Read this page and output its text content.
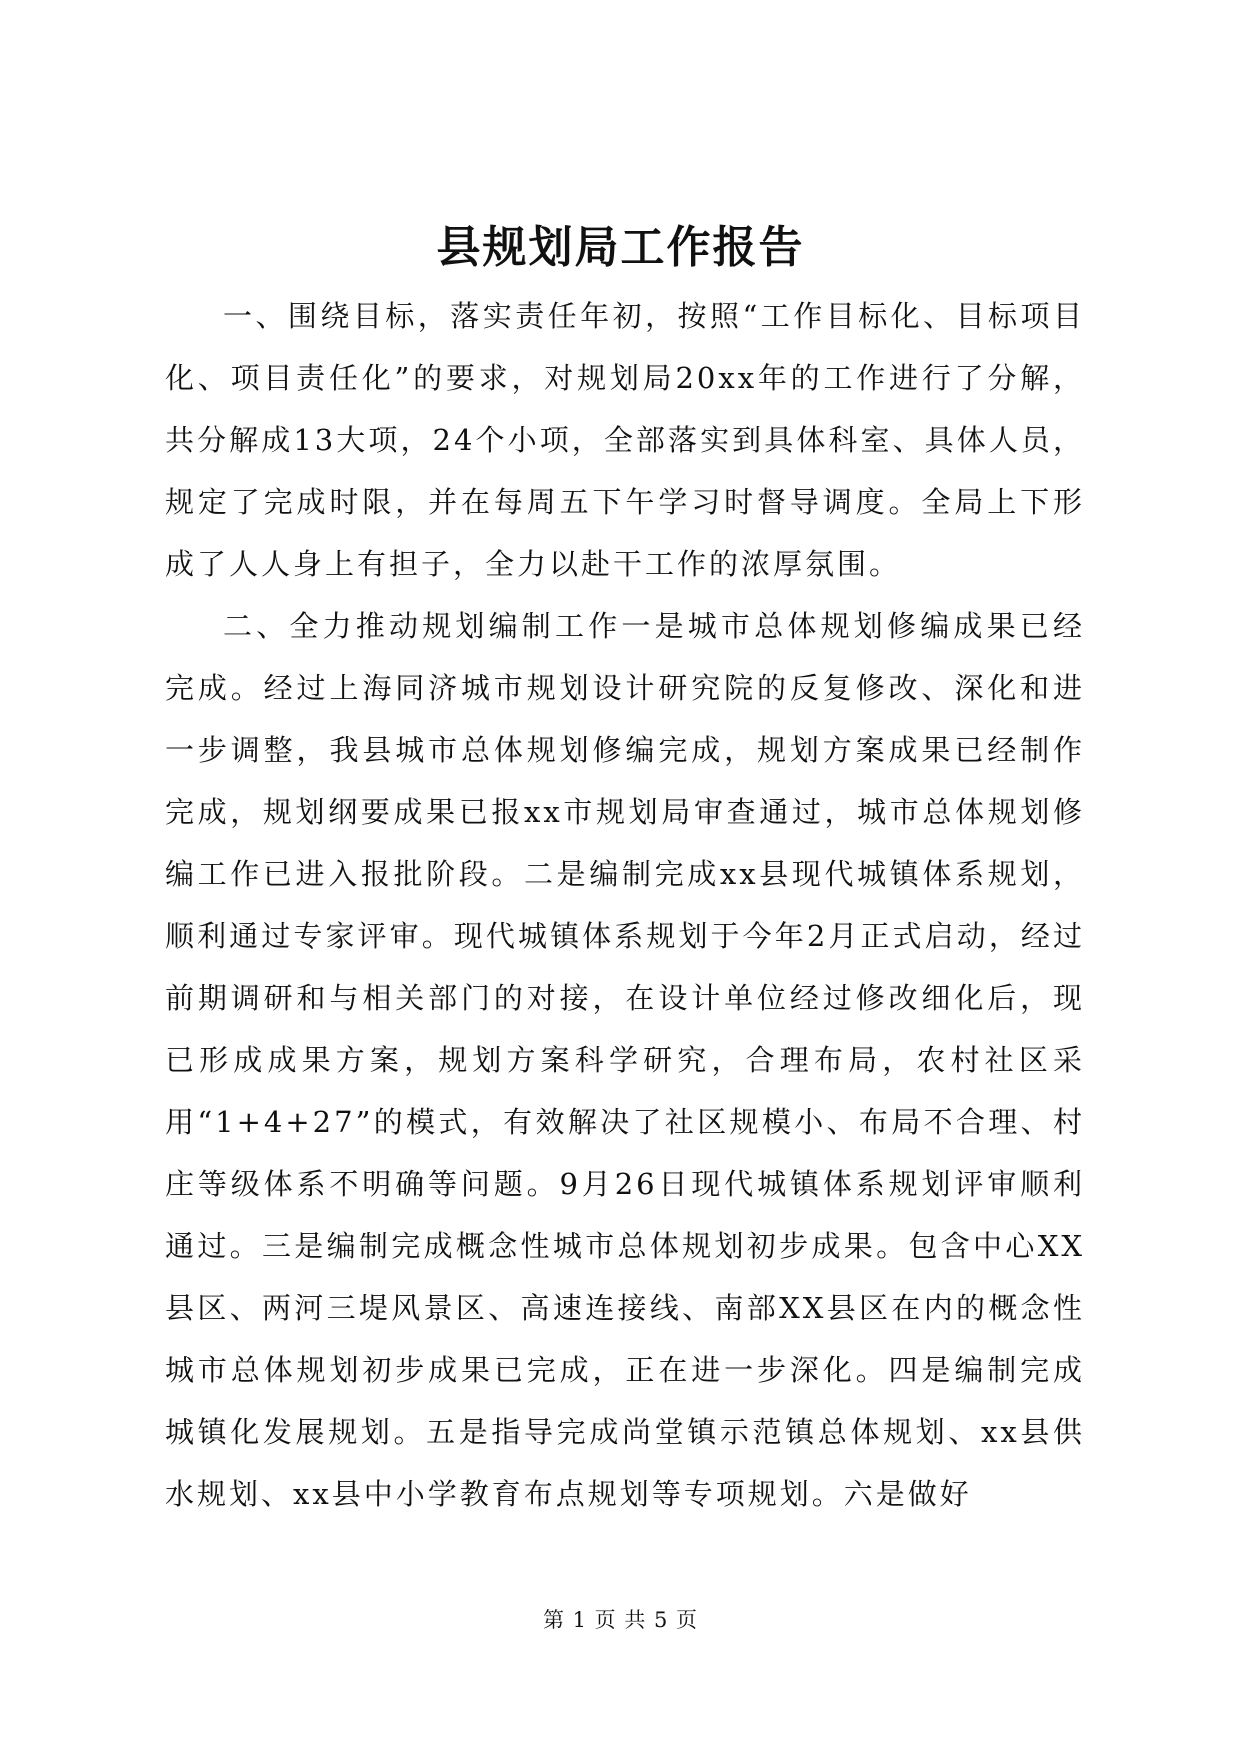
县规划局工作报告

一、围绕目标，落实责任年初，按照“工作目标化、目标项目化、项目责任化”的要求，对规划局20xx年的工作进行了分解，共分解成13大项，24个小项，全部落实到具体科室、具体人员，规定了完成时限，并在每周五下午学习时督导调度。全局上下形成了人人身上有担子，全力以赴干工作的浓厚氛围。

二、全力推动规划编制工作一是城市总体规划修编成果已经完成。经过上海同济城市规划设计研究院的反复修改、深化和进一步调整，我县城市总体规划修编完成，规划方案成果已经制作完成，规划纲要成果已报xx市规划局审查通过，城市总体规划修编工作已进入报批阶段。二是编制完成xx县现代城镇体系规划，顺利通过专家评审。现代城镇体系规划于今年2月正式启动，经过前期调研和与相关部门的对接，在设计单位经过修改细化后，现已形成成果方案，规划方案科学研究，合理布局，农村社区采用“1+4+27”的模式，有效解决了社区规模小、布局不合理、村庄等级体系不明确等问题。9月26日现代城镇体系规划评审顺利通过。三是编制完成概念性城市总体规划初步成果。包含中心XX县区、两河三堤风景区、高速连接线、南部XX县区在内的概念性城市总体规划初步成果已完成，正在进一步深化。四是编制完成城镇化发展规划。五是指导完成尚堂镇示范镇总体规划、xx县供水规划、xx县中小学教育布点规划等专项规划。六是做好

第 1 页 共 5 页
